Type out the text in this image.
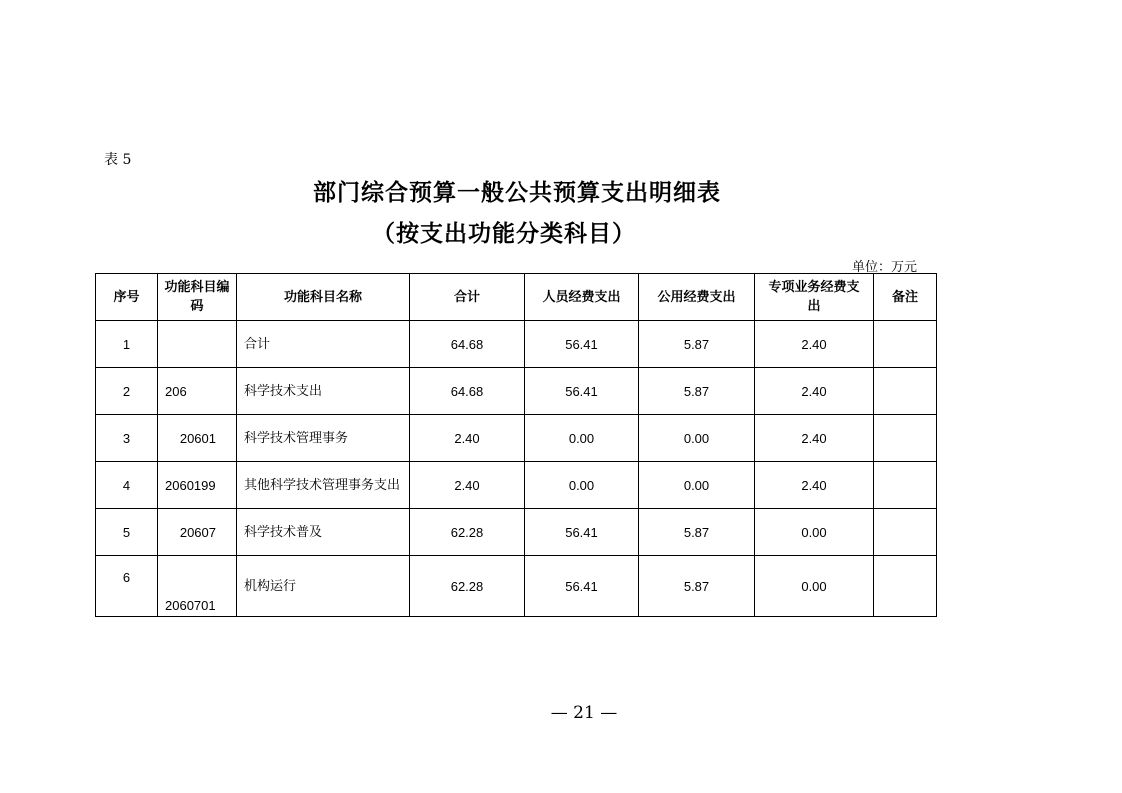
表 5
部门综合预算一般公共预算支出明细表
（按支出功能分类科目）
单位：万元
序号	功能科目编码	功能科目名称	合计	人员经费支出	公用经费支出	专项业务经费支出	备注
1		合计	64.68	56.41	5.87	2.40	
2	206	科学技术支出	64.68	56.41	5.87	2.40	
3	20601	科学技术管理事务	2.40	0.00	0.00	2.40	
4	2060199	其他科学技术管理事务支出	2.40	0.00	0.00	2.40	
5	20607	科学技术普及	62.28	56.41	5.87	0.00	
6	2060701	机构运行	62.28	56.41	5.87	0.00	
— 21 —
